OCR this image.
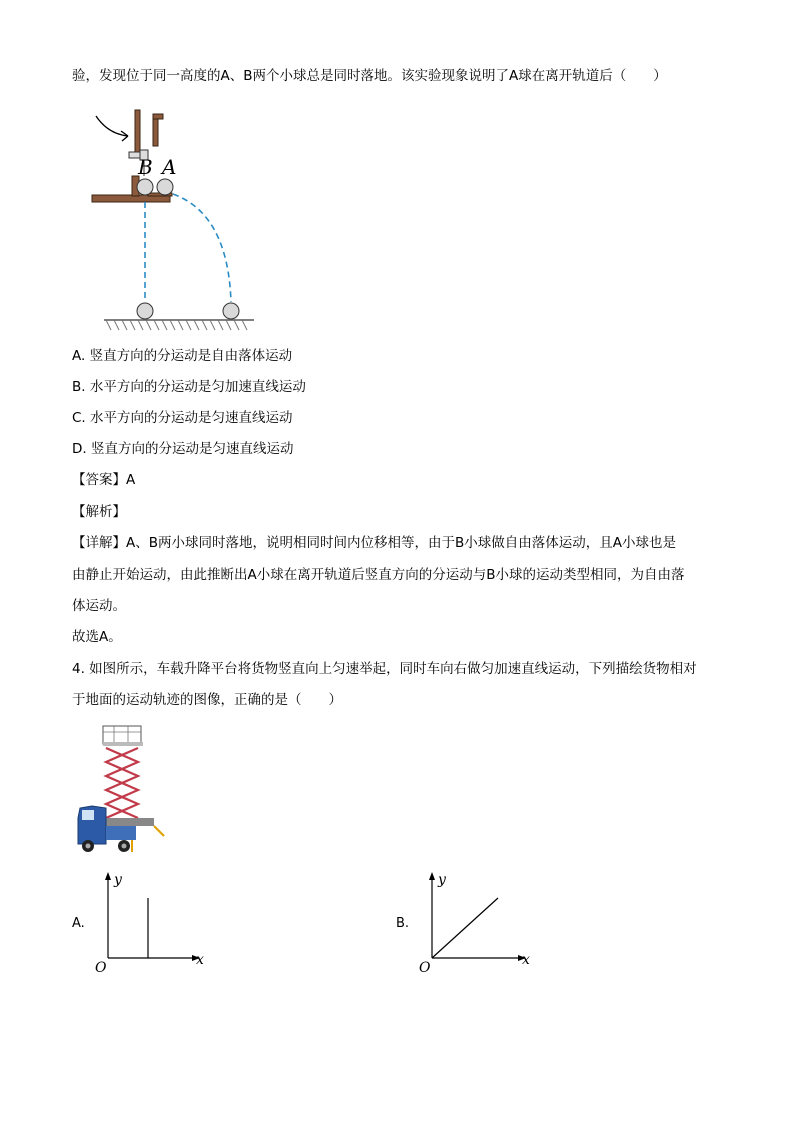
验，发现位于同一高度的A、B两个小球总是同时落地。该实验现象说明了A球在离开轨道后（　　）
B A
A. 竖直方向的分运动是自由落体运动
B. 水平方向的分运动是匀加速直线运动
C. 水平方向的分运动是匀速直线运动
D. 竖直方向的分运动是匀速直线运动
【答案】A
【解析】
【详解】A、B两小球同时落地，说明相同时间内位移相等，由于B小球做自由落体运动，且A小球也是
由静止开始运动，由此推断出A小球在离开轨道后竖直方向的分运动与B小球的运动类型相同，为自由落
体运动。
故选A。
4. 如图所示，车载升降平台将货物竖直向上匀速举起，同时车向右做匀加速直线运动，下列描绘货物相对
于地面的运动轨迹的图像，正确的是（　　）
A.
y
x
O
B.
y
x
O
